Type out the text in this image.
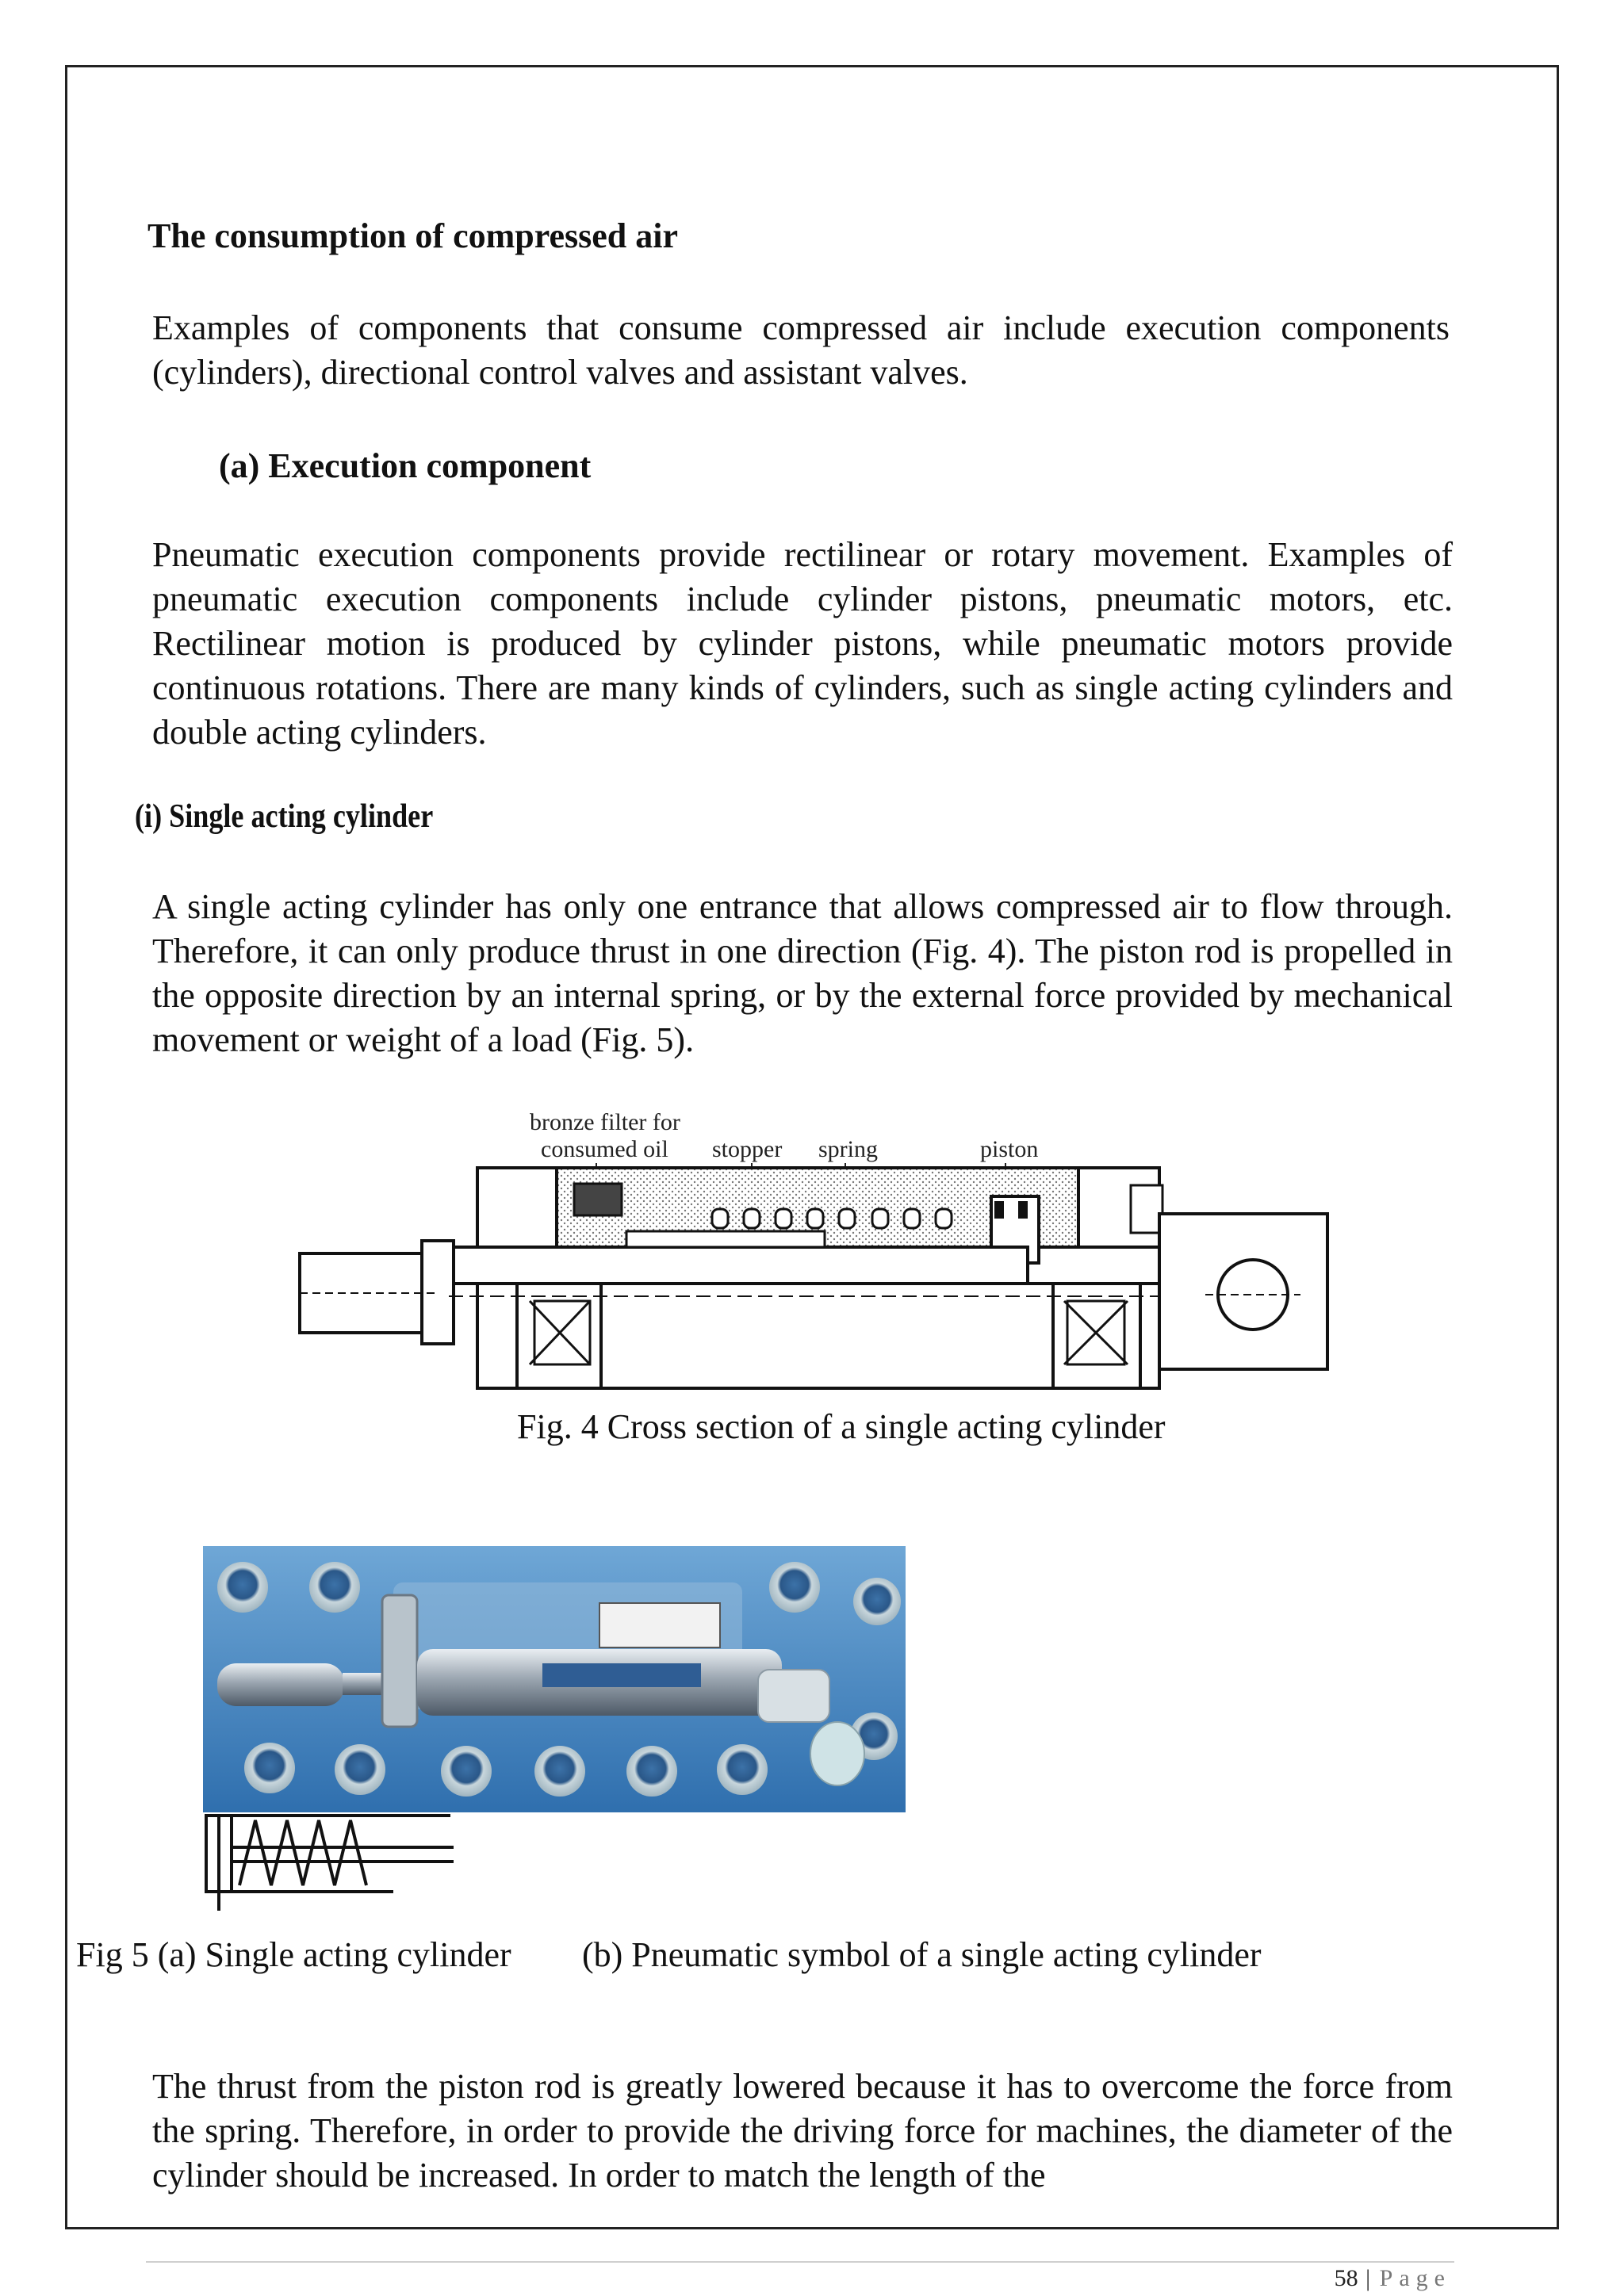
The consumption of compressed air
Examples of components that consume compressed air include execution components (cylinders), directional control valves and assistant valves.
(a) Execution component
Pneumatic execution components provide rectilinear or rotary movement. Examples of pneumatic execution components include cylinder pistons, pneumatic motors, etc. Rectilinear motion is produced by cylinder pistons, while pneumatic motors provide continuous rotations. There are many kinds of cylinders, such as single acting cylinders and double acting cylinders.
(i) Single acting cylinder
A single acting cylinder has only one entrance that allows compressed air to flow through. Therefore, it can only produce thrust in one direction (Fig. 4). The piston rod is propelled in the opposite direction by an internal spring, or by the external force provided by mechanical movement or weight of a load (Fig. 5).
bronze filter for
consumed oil stopper spring	piston
Fig. 4 Cross section of a single acting cylinder
Fig 5 (a) Single acting cylinder (b) Pneumatic symbol of a single acting cylinder
The thrust from the piston rod is greatly lowered because it has to overcome the force from the spring. Therefore, in order to provide the driving force for machines, the diameter of the cylinder should be increased. In order to match the length of the
58 | Page
